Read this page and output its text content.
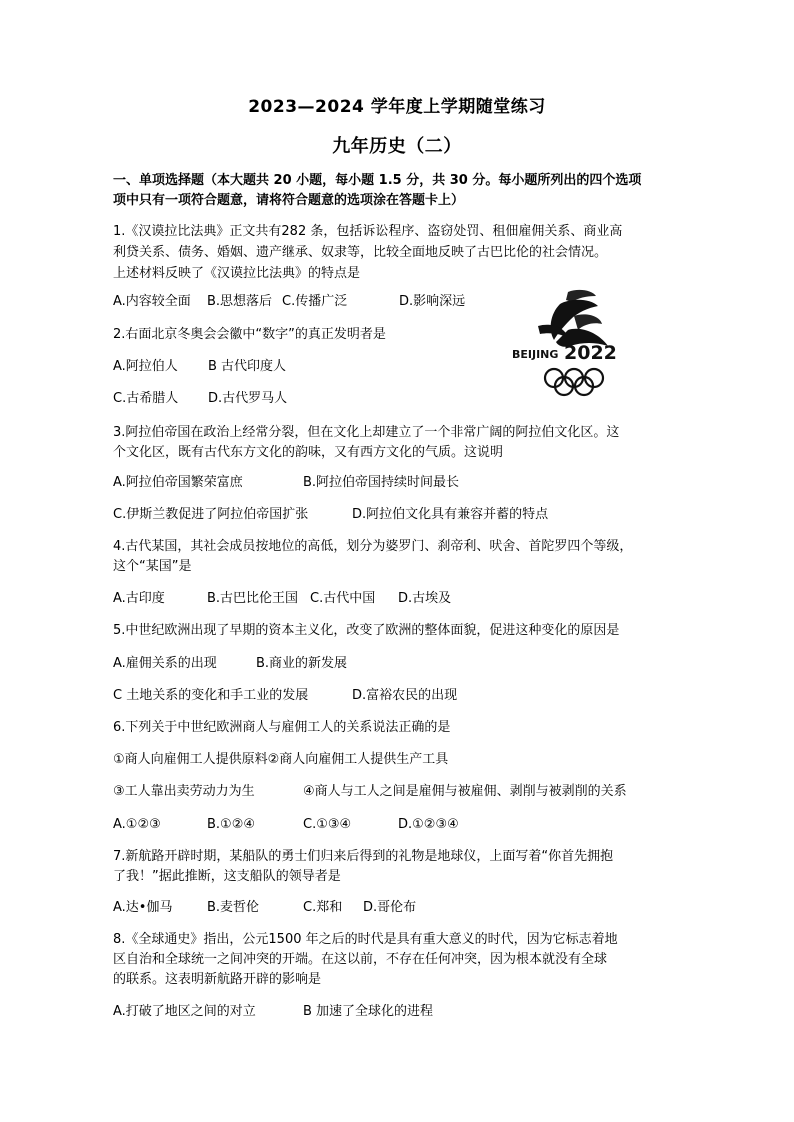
2023—2024 学年度上学期随堂练习
九年历史（二）
一、单项选择题（本大题共 20 小题，每小题 1.5 分，共 30 分。每小题所列出的四个选项
项中只有一项符合题意，请将符合题意的选项涂在答题卡上）
1.《汉谟拉比法典》正文共有282 条，包括诉讼程序、盗窃处罚、租佃雇佣关系、商业高
利贷关系、债务、婚姻、遗产继承、奴隶等，比较全面地反映了古巴比伦的社会情况。
上述材料反映了《汉谟拉比法典》的特点是
A.内容较全面 B.思想落后 C.传播广泛	D.影响深远
2.右面北京冬奥会会徽中“数字”的真正发明者是
A.阿拉伯人 B 古代印度人
C.古希腊人 D.古代罗马人
BEIJING 2022
3.阿拉伯帝国在政治上经常分裂，但在文化上却建立了一个非常广阔的阿拉伯文化区。这
个文化区，既有古代东方文化的韵味，又有西方文化的气质。这说明
A.阿拉伯帝国繁荣富庶	B.阿拉伯帝国持续时间最长
C.伊斯兰教促进了阿拉伯帝国扩张	D.阿拉伯文化具有兼容并蓄的特点
4.古代某国，其社会成员按地位的高低，划分为婆罗门、刹帝利、吠舍、首陀罗四个等级，
这个“某国”是
A.古印度	B.古巴比伦王国 C.古代中国 D.古埃及
5.中世纪欧洲出现了早期的资本主义化，改变了欧洲的整体面貌，促进这种变化的原因是
A.雇佣关系的出现	B.商业的新发展
C 土地关系的变化和手工业的发展	D.富裕农民的出现
6.下列关于中世纪欧洲商人与雇佣工人的关系说法正确的是
①商人向雇佣工人提供原料②商人向雇佣工人提供生产工具
③工人靠出卖劳动力为生	④商人与工人之间是雇佣与被雇佣、剥削与被剥削的关系
A.①②③	B.①②④	C.①③④	D.①②③④
7.新航路开辟时期，某船队的勇士们归来后得到的礼物是地球仪，上面写着“你首先拥抱
了我！”据此推断，这支船队的领导者是
A.达•伽马	B.麦哲伦	C.郑和 D.哥伦布
8.《全球通史》指出，公元1500 年之后的时代是具有重大意义的时代，因为它标志着地
区自治和全球统一之间冲突的开端。在这以前，不存在任何冲突，因为根本就没有全球
的联系。这表明新航路开辟的影响是
A.打破了地区之间的对立	B 加速了全球化的进程
